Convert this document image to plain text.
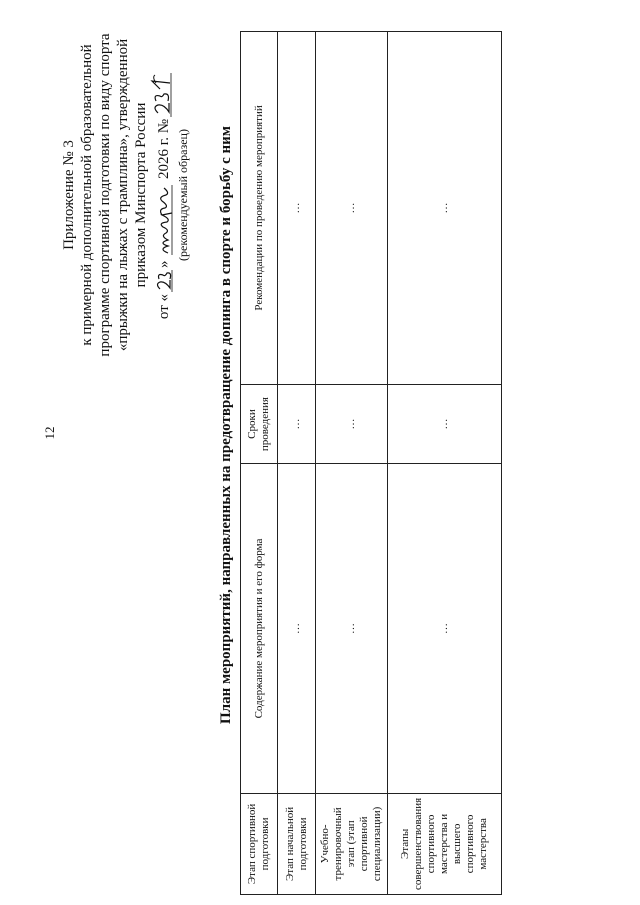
12
Приложение № 3 к примерной дополнительной образовательной программе спортивной подготовки по виду спорта «прыжки на лыжах с трамплина», утвержденной приказом Минспорта России
от «»  2026 г. № (рекомендуемый образец) План мероприятий, направленных на предотвращение допинга в спорте и борьбу с ним
Этап спортивной подготовки	Содержание мероприятия и его форма	Сроки проведения	Рекомендации по проведению мероприятий
Этап начальной подготовки	…	…	…
Учебно-тренировочный этап (этап спортивной специализации)	…	…	…
Этапы совершенствования спортивного мастерства и высшего спортивного мастерства	…	…	…
